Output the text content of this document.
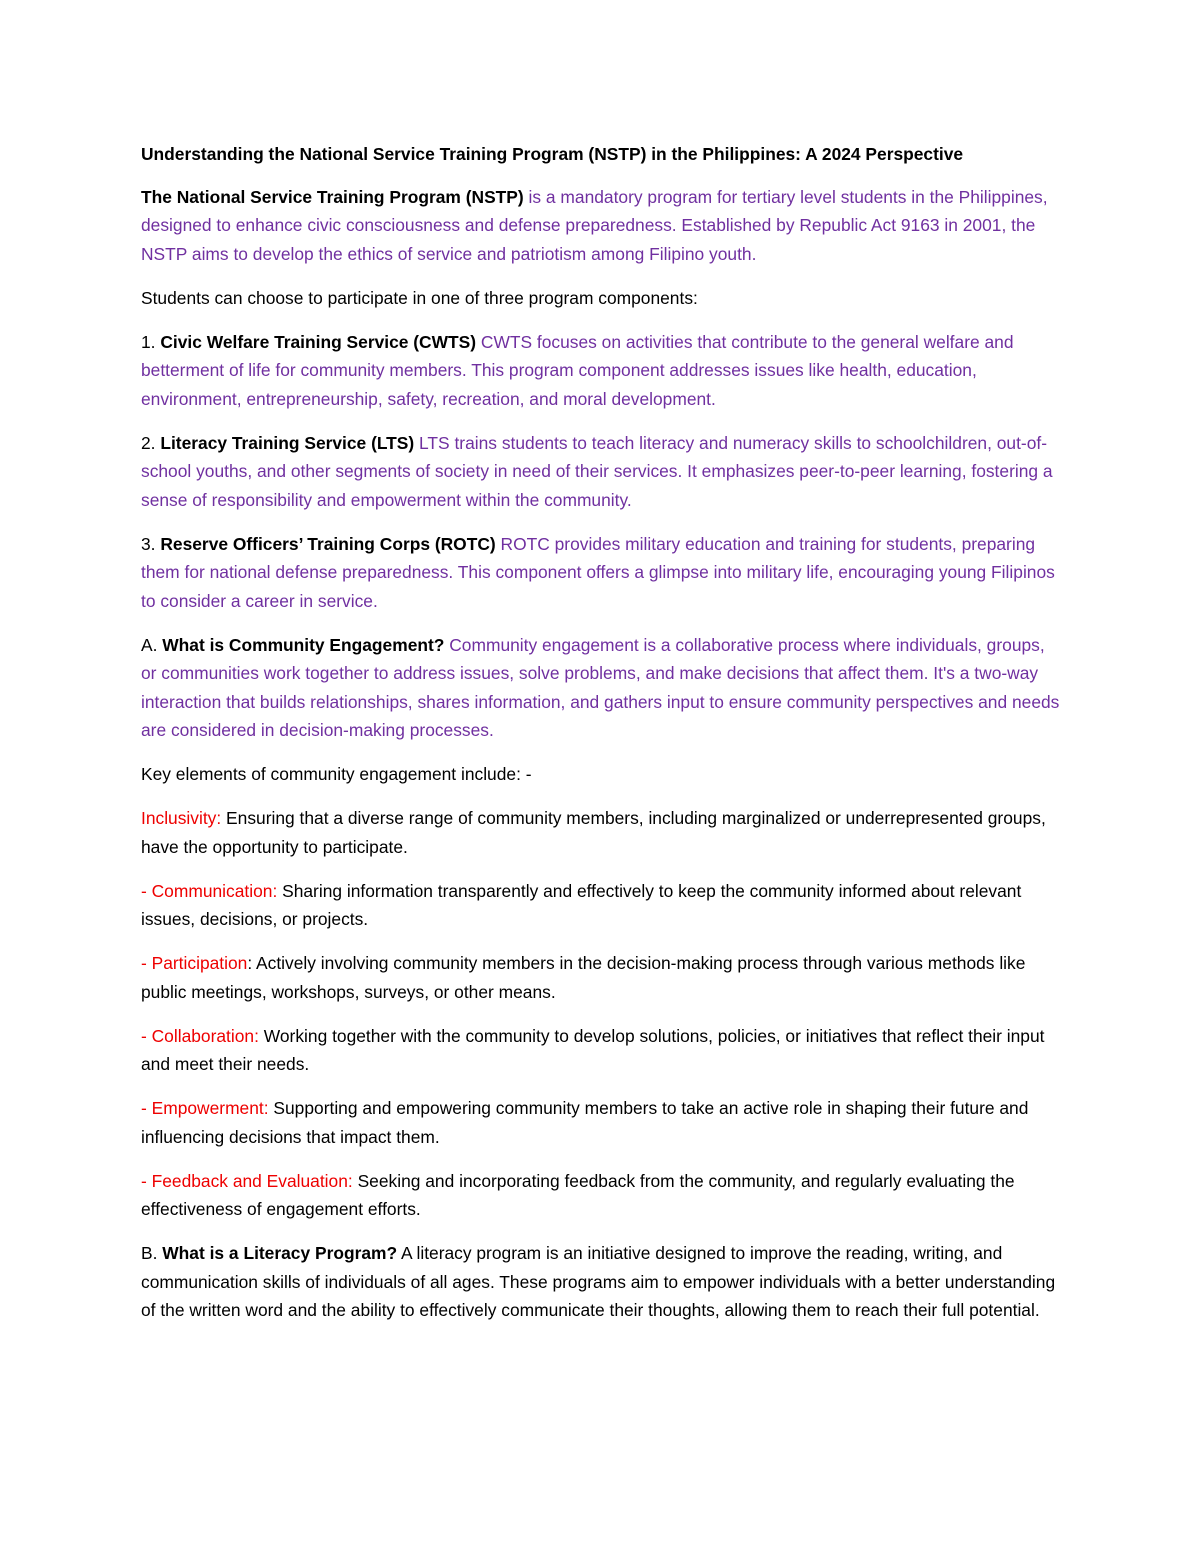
Understanding the National Service Training Program (NSTP) in the Philippines: A 2024 Perspective

The National Service Training Program (NSTP) is a mandatory program for tertiary level students in the Philippines, designed to enhance civic consciousness and defense preparedness. Established by Republic Act 9163 in 2001, the NSTP aims to develop the ethics of service and patriotism among Filipino youth.

Students can choose to participate in one of three program components:

1. Civic Welfare Training Service (CWTS) CWTS focuses on activities that contribute to the general welfare and betterment of life for community members. This program component addresses issues like health, education, environment, entrepreneurship, safety, recreation, and moral development.

2. Literacy Training Service (LTS) LTS trains students to teach literacy and numeracy skills to schoolchildren, out-of-school youths, and other segments of society in need of their services. It emphasizes peer-to-peer learning, fostering a sense of responsibility and empowerment within the community.

3. Reserve Officers’ Training Corps (ROTC) ROTC provides military education and training for students, preparing them for national defense preparedness. This component offers a glimpse into military life, encouraging young Filipinos to consider a career in service.

A. What is Community Engagement? Community engagement is a collaborative process where individuals, groups, or communities work together to address issues, solve problems, and make decisions that affect them. It's a two-way interaction that builds relationships, shares information, and gathers input to ensure community perspectives and needs are considered in decision-making processes.

Key elements of community engagement include: -

Inclusivity: Ensuring that a diverse range of community members, including marginalized or underrepresented groups, have the opportunity to participate.

- Communication: Sharing information transparently and effectively to keep the community informed about relevant issues, decisions, or projects.

- Participation: Actively involving community members in the decision-making process through various methods like public meetings, workshops, surveys, or other means.

- Collaboration: Working together with the community to develop solutions, policies, or initiatives that reflect their input and meet their needs.

- Empowerment: Supporting and empowering community members to take an active role in shaping their future and influencing decisions that impact them.

- Feedback and Evaluation: Seeking and incorporating feedback from the community, and regularly evaluating the effectiveness of engagement efforts.

B. What is a Literacy Program? A literacy program is an initiative designed to improve the reading, writing, and communication skills of individuals of all ages. These programs aim to empower individuals with a better understanding of the written word and the ability to effectively communicate their thoughts, allowing them to reach their full potential.
